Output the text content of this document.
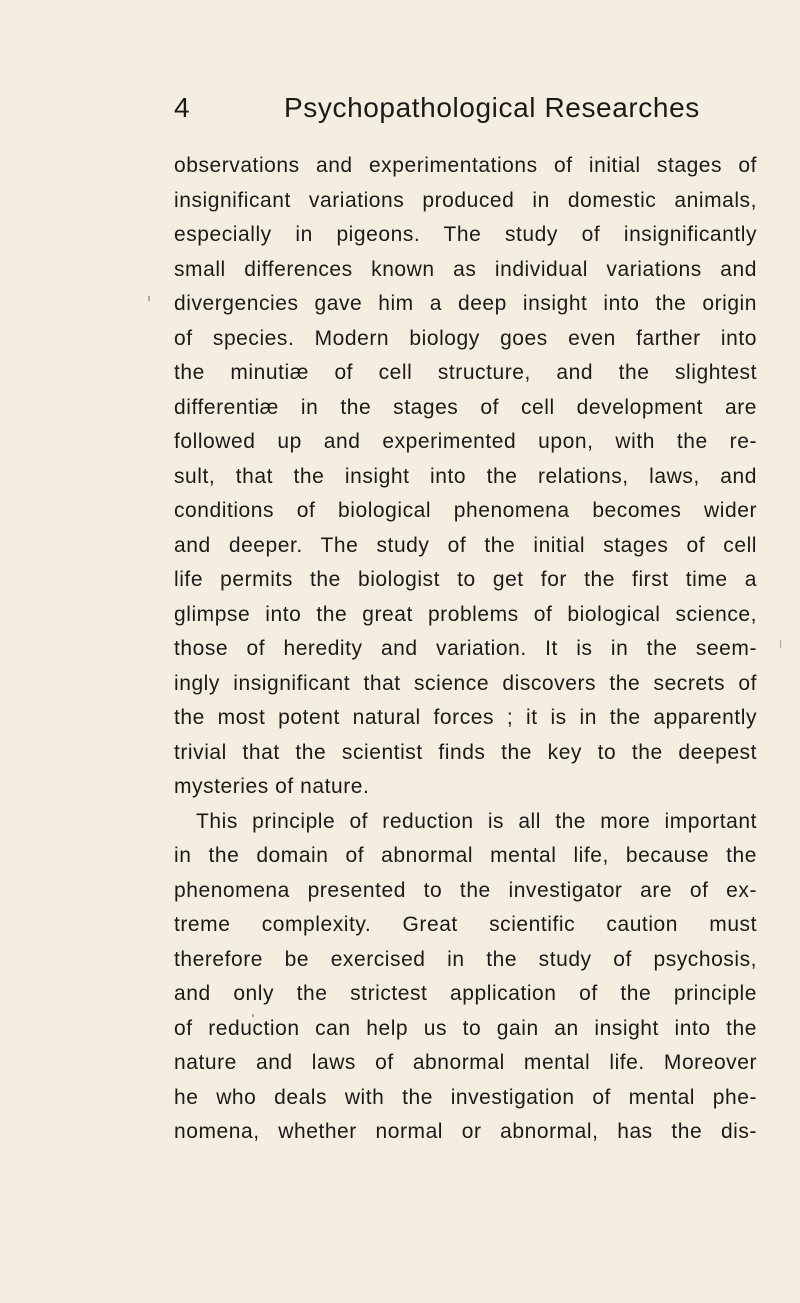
4	Psychopathological Researches
observations and experimentations of initial stages of
insignificant variations produced in domestic animals,
especially in pigeons. The study of insignificantly
small differences known as individual variations and
divergencies gave him a deep insight into the origin
of species. Modern biology goes even farther into
the minutiæ of cell structure, and the slightest
differentiæ in the stages of cell development are
followed up and experimented upon, with the re-
sult, that the insight into the relations, laws, and
conditions of biological phenomena becomes wider
and deeper. The study of the initial stages of cell
life permits the biologist to get for the first time a
glimpse into the great problems of biological science,
those of heredity and variation. It is in the seem-
ingly insignificant that science discovers the secrets of
the most potent natural forces ; it is in the apparently
trivial that the scientist finds the key to the deepest
mysteries of nature.
This principle of reduction is all the more important
in the domain of abnormal mental life, because the
phenomena presented to the investigator are of ex-
treme complexity. Great scientific caution must
therefore be exercised in the study of psychosis,
and only the strictest application of the principle
of reduction can help us to gain an insight into the
nature and laws of abnormal mental life. Moreover
he who deals with the investigation of mental phe-
nomena, whether normal or abnormal, has the dis-
